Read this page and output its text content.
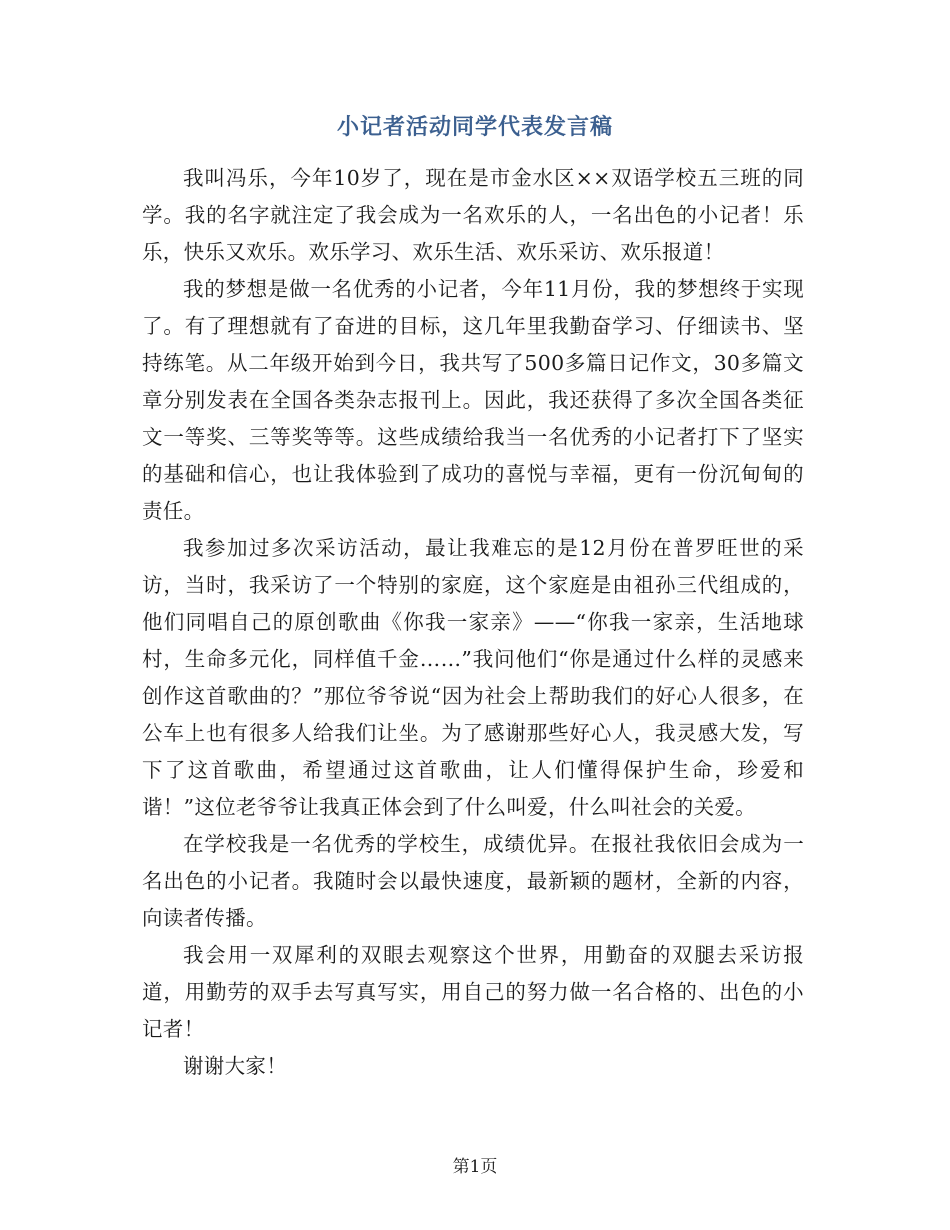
小记者活动同学代表发言稿

我叫冯乐，今年10岁了，现在是市金水区××双语学校五三班的同学。我的名字就注定了我会成为一名欢乐的人，一名出色的小记者！乐乐，快乐又欢乐。欢乐学习、欢乐生活、欢乐采访、欢乐报道！

我的梦想是做一名优秀的小记者，今年11月份，我的梦想终于实现了。有了理想就有了奋进的目标，这几年里我勤奋学习、仔细读书、坚持练笔。从二年级开始到今日，我共写了500多篇日记作文，30多篇文章分别发表在全国各类杂志报刊上。因此，我还获得了多次全国各类征文一等奖、三等奖等等。这些成绩给我当一名优秀的小记者打下了坚实的基础和信心，也让我体验到了成功的喜悦与幸福，更有一份沉甸甸的责任。

我参加过多次采访活动，最让我难忘的是12月份在普罗旺世的采访，当时，我采访了一个特别的家庭，这个家庭是由祖孙三代组成的，他们同唱自己的原创歌曲《你我一家亲》——“你我一家亲，生活地球村，生命多元化，同样值千金……”我问他们“你是通过什么样的灵感来创作这首歌曲的？”那位爷爷说“因为社会上帮助我们的好心人很多，在公车上也有很多人给我们让坐。为了感谢那些好心人，我灵感大发，写下了这首歌曲，希望通过这首歌曲，让人们懂得保护生命，珍爱和谐！”这位老爷爷让我真正体会到了什么叫爱，什么叫社会的关爱。

在学校我是一名优秀的学校生，成绩优异。在报社我依旧会成为一名出色的小记者。我随时会以最快速度，最新颖的题材，全新的内容，向读者传播。

我会用一双犀利的双眼去观察这个世界，用勤奋的双腿去采访报道，用勤劳的双手去写真写实，用自己的努力做一名合格的、出色的小记者！

谢谢大家！

第1页
